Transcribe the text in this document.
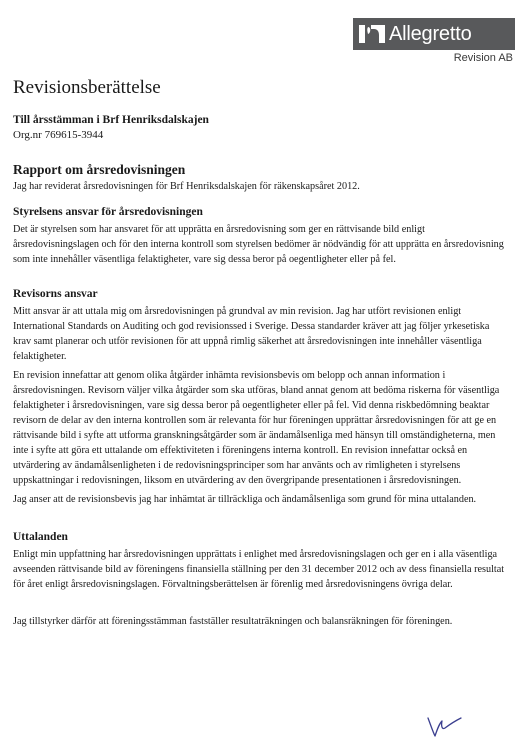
Allegretto
Revision AB
Revisionsberättelse

Till årsstämman i Brf Henriksdalskajen

Org.nr 769615-3944

Rapport om årsredovisningen

Jag har reviderat årsredovisningen för Brf Henriksdalskajen för räkenskapsåret 2012.

Styrelsens ansvar för årsredovisningen

Det är styrelsen som har ansvaret för att upprätta en årsredovisning som ger en rättvisande bild enligt årsredovisningslagen och för den interna kontroll som styrelsen bedömer är nödvändig för att upprätta en årsredovisning som inte innehåller väsentliga felaktigheter, vare sig dessa beror på oegentligheter eller på fel.

Revisorns ansvar

Mitt ansvar är att uttala mig om årsredovisningen på grundval av min revision. Jag har utfört revisionen enligt International Standards on Auditing och god revisionssed i Sverige. Dessa standarder kräver att jag följer yrkesetiska krav samt planerar och utför revisionen för att uppnå rimlig säkerhet att årsredovisningen inte innehåller väsentliga felaktigheter.

En revision innefattar att genom olika åtgärder inhämta revisionsbevis om belopp och annan information i årsredovisningen. Revisorn väljer vilka åtgärder som ska utföras, bland annat genom att bedöma riskerna för väsentliga felaktigheter i årsredovisningen, vare sig dessa beror på oegentligheter eller på fel. Vid denna riskbedömning beaktar revisorn de delar av den interna kontrollen som är relevanta för hur föreningen upprättar årsredovisningen för att ge en rättvisande bild i syfte att utforma granskningsåtgärder som är ändamålsenliga med hänsyn till omständigheterna, men inte i syfte att göra ett uttalande om effektiviteten i föreningens interna kontroll. En revision innefattar också en utvärdering av ändamålsenligheten i de redovisningsprinciper som har använts och av rimligheten i styrelsens uppskattningar i redovisningen, liksom en utvärdering av den övergripande presentationen i årsredovisningen.

Jag anser att de revisionsbevis jag har inhämtat är tillräckliga och ändamålsenliga som grund för mina uttalanden.

Uttalanden

Enligt min uppfattning har årsredovisningen upprättats i enlighet med årsredovisningslagen och ger en i alla väsentliga avseenden rättvisande bild av föreningens finansiella ställning per den 31 december 2012 och av dess finansiella resultat för året enligt årsredovisningslagen. Förvaltningsberättelsen är förenlig med årsredovisningens övriga delar.

Jag tillstyrker därför att föreningsstämman fastställer resultaträkningen och balansräkningen för föreningen.
